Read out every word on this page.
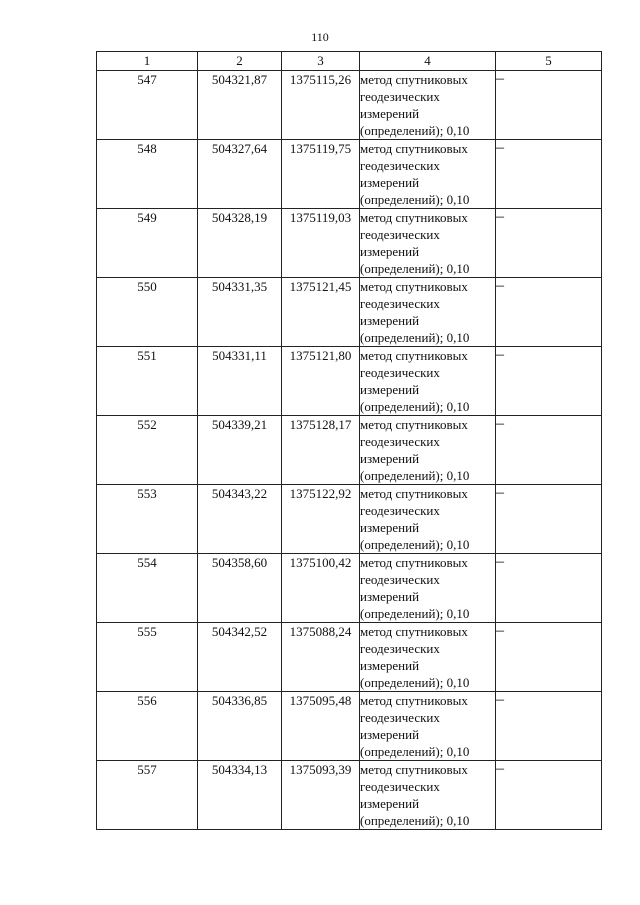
110
1	2	3	4	5
547	504321,87	1375115,26	метод спутниковых
геодезических
измерений
(определений); 0,10	–
548	504327,64	1375119,75	метод спутниковых
геодезических
измерений
(определений); 0,10	–
549	504328,19	1375119,03	метод спутниковых
геодезических
измерений
(определений); 0,10	–
550	504331,35	1375121,45	метод спутниковых
геодезических
измерений
(определений); 0,10	–
551	504331,11	1375121,80	метод спутниковых
геодезических
измерений
(определений); 0,10	–
552	504339,21	1375128,17	метод спутниковых
геодезических
измерений
(определений); 0,10	–
553	504343,22	1375122,92	метод спутниковых
геодезических
измерений
(определений); 0,10	–
554	504358,60	1375100,42	метод спутниковых
геодезических
измерений
(определений); 0,10	–
555	504342,52	1375088,24	метод спутниковых
геодезических
измерений
(определений); 0,10	–
556	504336,85	1375095,48	метод спутниковых
геодезических
измерений
(определений); 0,10	–
557	504334,13	1375093,39	метод спутниковых
геодезических
измерений
(определений); 0,10	–
